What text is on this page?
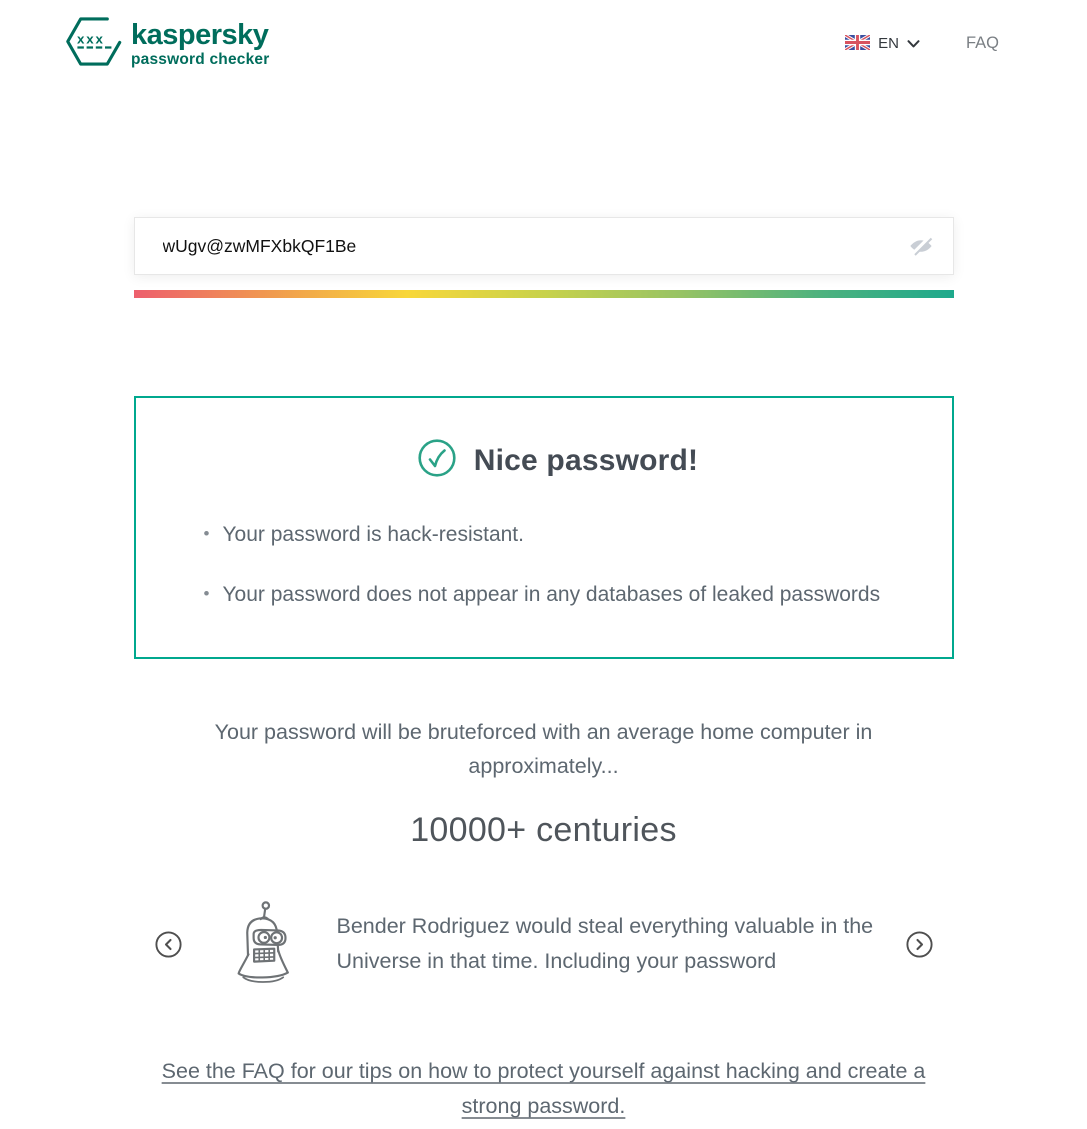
xxx kaspersky
password checker
EN	FAQ
wUgv@zwMFXbkQF1Be
Nice password!
• Your password is hack-resistant.
• Your password does not appear in any databases of leaked passwords
Your password will be bruteforced with an average home computer in approximately...
10000+ centuries
Bender Rodriguez would steal everything valuable in the Universe in that time. Including your password
See the FAQ for our tips on how to protect yourself against hacking and create a strong password.
